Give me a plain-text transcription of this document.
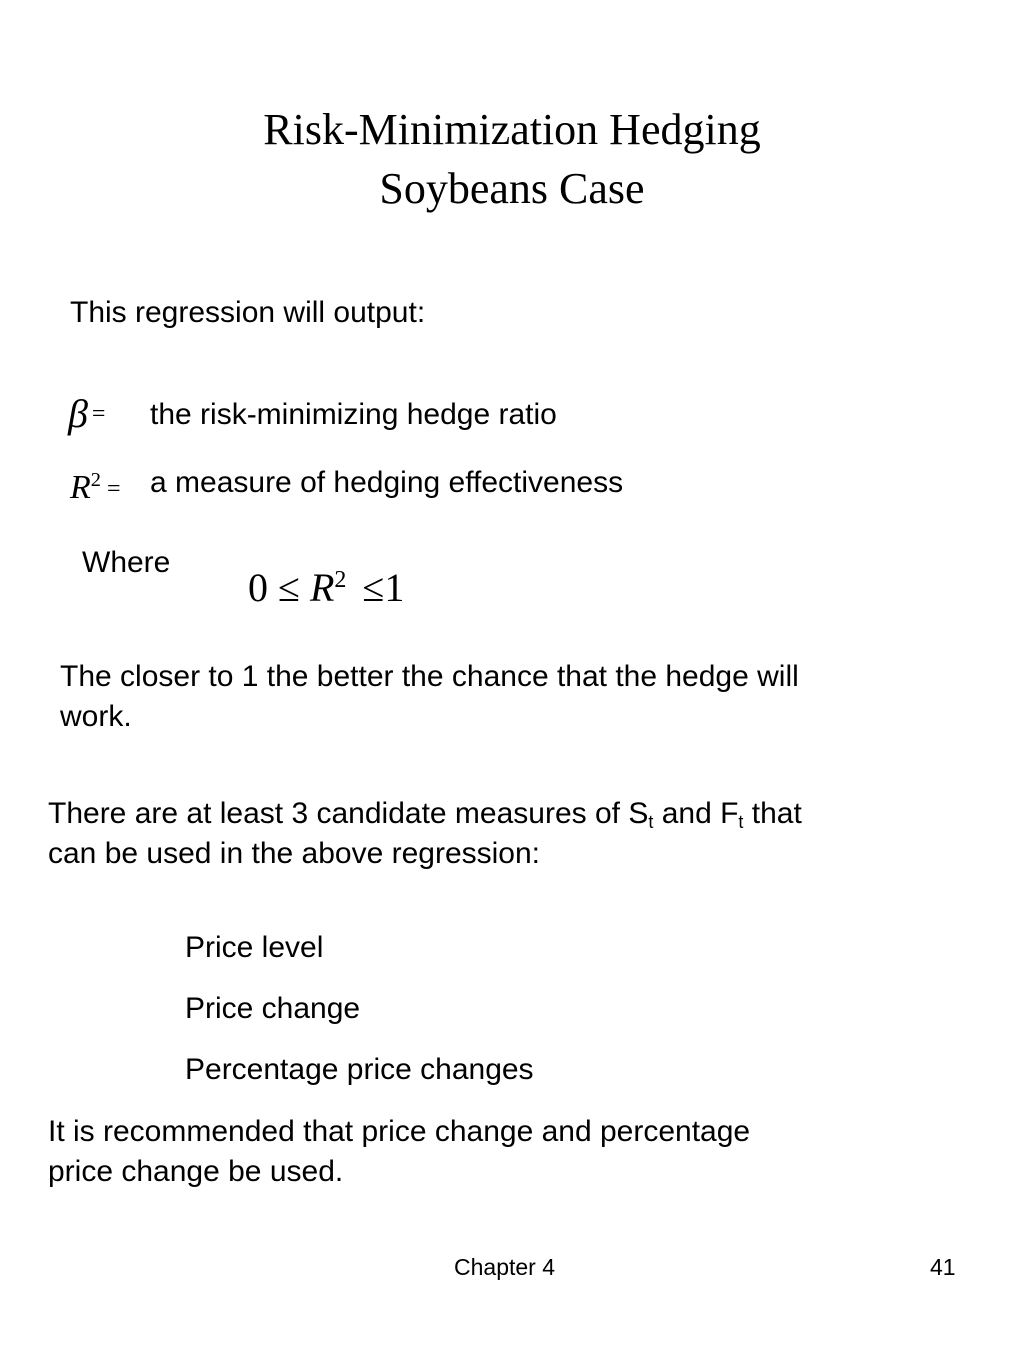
Risk-Minimization Hedging
Soybeans Case
This regression will output:
β = the risk-minimizing hedge ratio
$R^2 = a$ measure of hedging effectiveness
Where
$0 \le R^2 \le 1$
The closer to 1 the better the chance that the hedge will
work.
There are at least 3 candidate measures of $S_t$ and $F_t$ that
can be used in the above regression:
Price level
Price change
Percentage price changes
It is recommended that price change and percentage
price change be used.
Chapter 4	41
